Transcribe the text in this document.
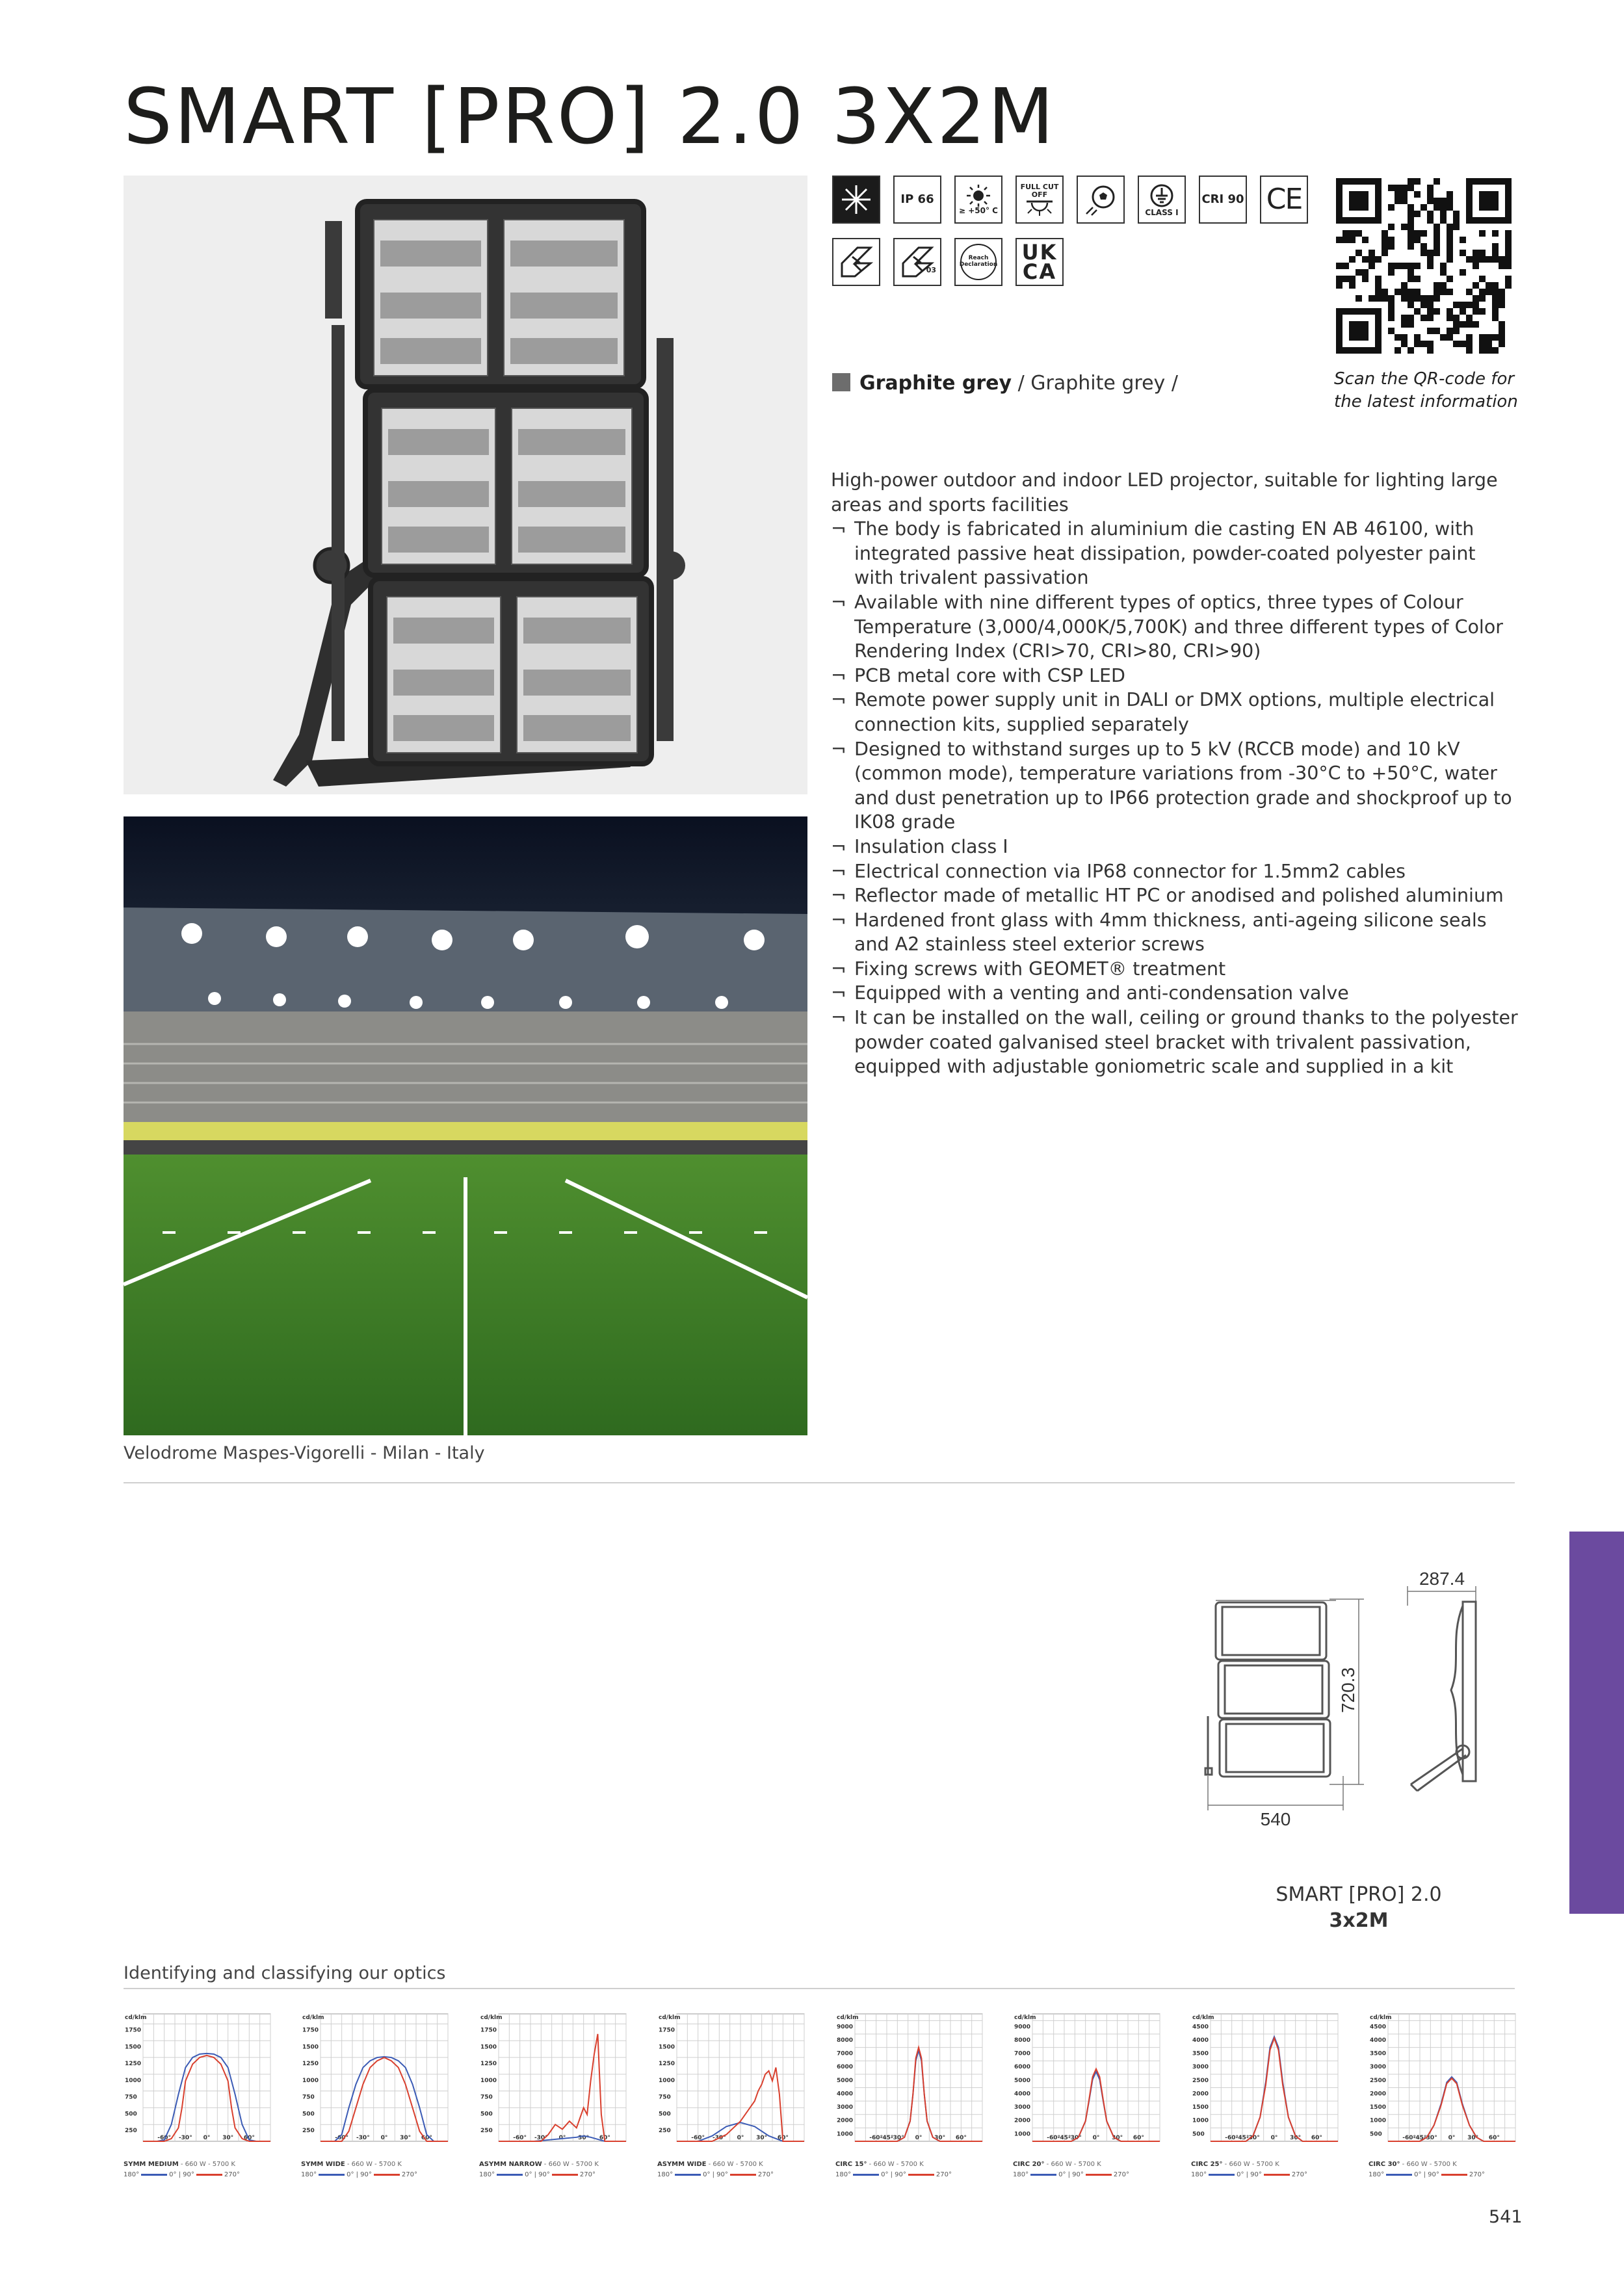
SMART [PRO] 2.0 3X2M
Velodrome Maspes-Vigorelli - Milan - Italy
IP 66
≥ +50° C
FULL CUT OFF
CLASS I
CRI 90 CE
03
Reach Declaration UK CA
Scan the QR-code for
the latest information
Graphite grey / Graphite grey /

High-power outdoor and indoor LED projector, suitable for lighting large areas and sports facilities

¬ The body is fabricated in aluminium die casting EN AB 46100, with integrated passive heat dissipation, powder-coated polyester paint with trivalent passivation
¬ Available with nine different types of optics, three types of Colour Temperature (3,000/4,000K/5,700K) and three different types of Color Rendering Index (CRI>70, CRI>80, CRI>90)
¬ PCB metal core with CSP LED
¬ Remote power supply unit in DALI or DMX options, multiple electrical connection kits, supplied separately
¬ Designed to withstand surges up to 5 kV (RCCB mode) and 10 kV (common mode), temperature variations from -30°C to +50°C, water and dust penetration up to IP66 protection grade and shockproof up to IK08 grade
¬ Insulation class I
¬ Electrical connection via IP68 connector for 1.5mm2 cables
¬ Reflector made of metallic HT PC or anodised and polished aluminium
¬ Hardened front glass with 4mm thickness, anti-ageing silicone seals and A2 stainless steel exterior screws
¬ Fixing screws with GEOMET® treatment
¬ Equipped with a venting and anti-condensation valve
¬ It can be installed on the wall, ceiling or ground thanks to the polyester powder coated galvanised steel bracket with trivalent passivation, equipped with adjustable goniometric scale and supplied in a kit
540
720.3
287.4
SMART [PRO] 2.0
3x2M
Identifying and classifying our optics
cd/klm
250
500
750
1000
1250
1500
1750
-60° -30° 0° 30° 60°
SYMM MEDIUM - 660 W - 5700 K
180°	0° | 90°	270°
cd/klm
250
500
750
1000
1250
1500
1750
-60° -30° 0° 30° 60°
SYMM WIDE - 660 W - 5700 K
180°	0° | 90°	270°
cd/klm
250
500
750
1000
1250
1500
1750
-60° -30° 0° 30° 60°
ASYMM NARROW - 660 W - 5700 K
180°	0° | 90°	270°
cd/klm
250
500
750
1000
1250
1500
1750
-60° -30° 0° 30° 60°
ASYMM WIDE - 660 W - 5700 K
180°	0° | 90°	270°
cd/klm
1000
2000
3000
4000
5000
6000
7000
8000
9000
-60°
-45°
-30° 0° 30° 60°
CIRC 15° - 660 W - 5700 K
180°	0° | 90°	270°
cd/klm
1000
2000
3000
4000
5000
6000
7000
8000
9000
-60°
-45°
-30° 0° 30° 60°
CIRC 20° - 660 W - 5700 K
180°	0° | 90°	270°
cd/klm
500
1000
1500
2000
2500
3000
3500
4000
4500
-60°
-45°
-30° 0° 30° 60°
CIRC 25° - 660 W - 5700 K
180°	0° | 90°	270°
cd/klm
500
1000
1500
2000
2500
3000
3500
4000
4500
-60°
-45°
-30° 0° 30° 60°
CIRC 30° - 660 W - 5700 K
180°	0° | 90°	270°
541
